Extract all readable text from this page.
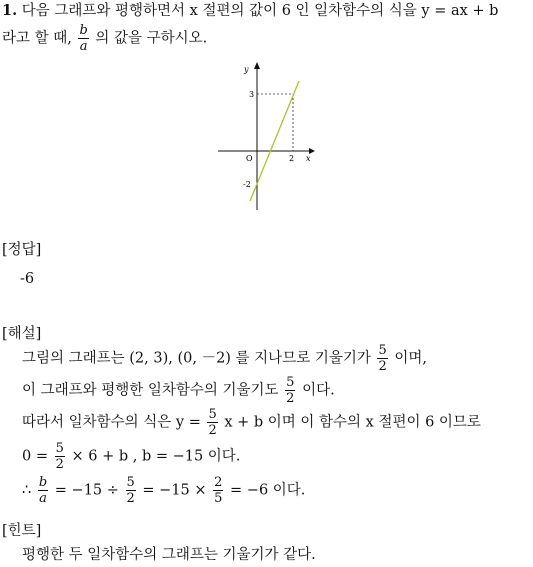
1. 다음 그래프와 평행하면서 x 절편의 값이 6 인 일차함수의 식을 y = ax + b
라고 할 때, $\frac{b}{a}$ 의 값을 구하시오.
y
x
O
3
-2
2
[정답]
-6
[해설]
그림의 그래프는 (2, 3), (0, －2) 를 지나므로 기울기가 $\frac{5}{2}$ 이며,
이 그래프와 평행한 일차함수의 기울기도 $\frac{5}{2}$ 이다.
따라서 일차함수의 식은 $y = \frac{5}{2}$ x + b 이며 이 함수의 x 절편이 6 이므로
$0 = \frac{5}{2} \times 6 + b$ , b = −15 이다.
∴ $\frac{b}{a} = -15 \div \frac{5}{2} = -15 \times \frac{2}{5} = -6$ 이다.
[힌트]
평행한 두 일차함수의 그래프는 기울기가 같다.
